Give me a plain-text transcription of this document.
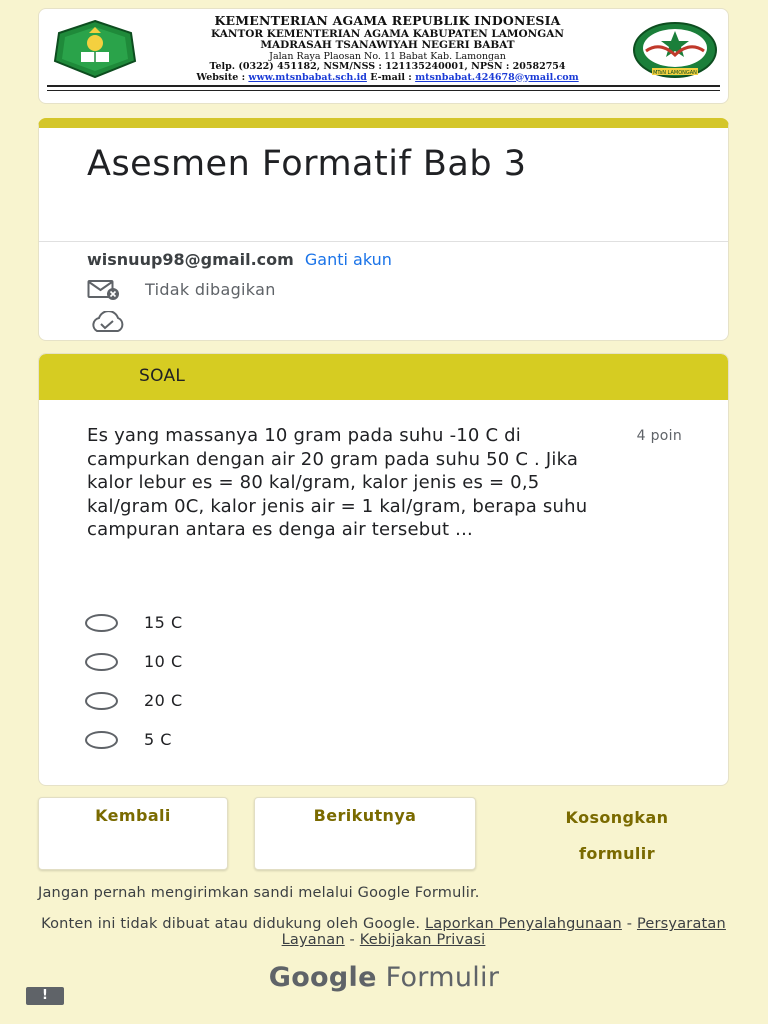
KEMENTERIAN AGAMA REPUBLIK INDONESIA
KANTOR KEMENTERIAN AGAMA KABUPATEN LAMONGAN
MADRASAH TSANAWIYAH NEGERI BABAT
Jalan Raya Plaosan No. 11 Babat Kab. Lamongan
Telp. (0322) 451182, NSM/NSS : 121135240001, NPSN : 20582754
Website : www.mtsnbabat.sch.id E-mail : mtsnbabat.424678@ymail.com	MTsN LAMONGAN
Asesmen Formatif Bab 3
wisnuup98@gmail.com Ganti akun
Tidak dibagikan
SOAL
Es yang massanya 10 gram pada suhu -10 C di campurkan dengan air 20 gram pada suhu 50 C . Jika kalor lebur es = 80 kal/gram, kalor jenis es = 0,5 kal/gram 0C, kalor jenis air = 1 kal/gram, berapa suhu campuran antara es denga air tersebut ...
4 poin
15 C
10 C
20 C
5 C
Kembali	Berikutnya	Kosongkan
formulir
Jangan pernah mengirimkan sandi melalui Google Formulir.
Konten ini tidak dibuat atau didukung oleh Google. Laporkan Penyalahgunaan - Persyaratan Layanan - Kebijakan Privasi
Google Formulir
!
